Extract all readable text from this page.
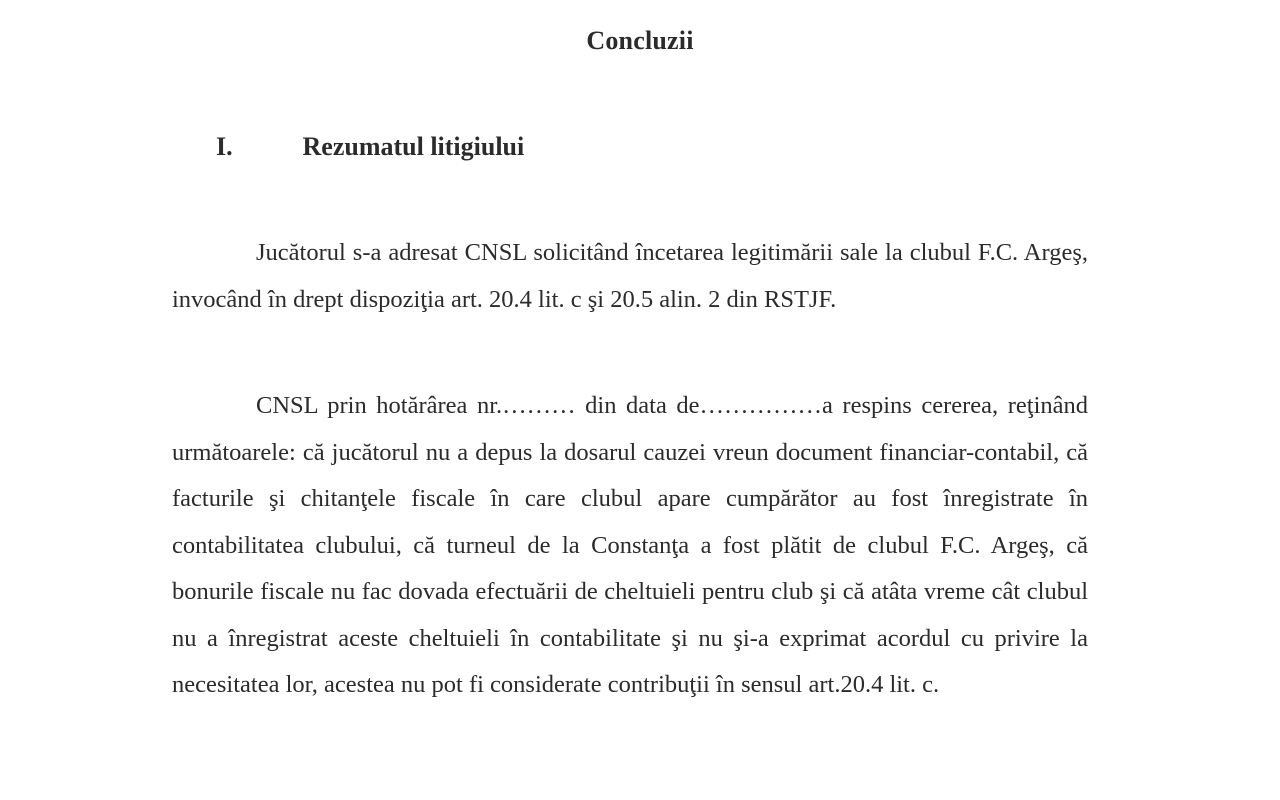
Concluzii
I.	Rezumatul litigiului

Jucătorul s-a adresat CNSL solicitând încetarea legitimării sale la clubul F.C. Argeş, invocând în drept dispoziţia art. 20.4 lit. c şi 20.5 alin. 2 din RSTJF.

CNSL prin hotărârea nr.……… din data de……………a respins cererea, reţinând următoarele: că jucătorul nu a depus la dosarul cauzei vreun document financiar-contabil, că facturile şi chitanţele fiscale în care clubul apare cumpărător au fost înregistrate în contabilitatea clubului, că turneul de la Constanţa a fost plătit de clubul F.C. Argeş, că bonurile fiscale nu fac dovada efectuării de cheltuieli pentru club şi că atâta vreme cât clubul nu a înregistrat aceste cheltuieli în contabilitate şi nu şi-a exprimat acordul cu privire la necesitatea lor, acestea nu pot fi considerate contribuţii în sensul art.20.4 lit. c.
